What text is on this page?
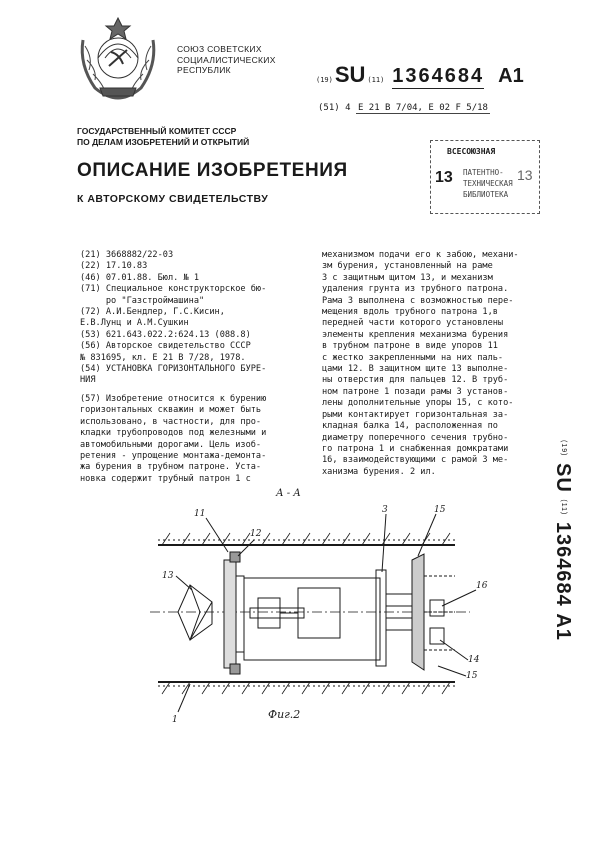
СОЮЗ СОВЕТСКИХ
СОЦИАЛИСТИЧЕСКИХ
РЕСПУБЛИК
(19) SU (11) 1364684 A1
(51) 4 E 21 B 7/04, E 02 F 5/18
ГОСУДАРСТВЕННЫЙ КОМИТЕТ СССР
ПО ДЕЛАМ ИЗОБРЕТЕНИЙ И ОТКРЫТИЙ
ОПИСАНИЕ ИЗОБРЕТЕНИЯ
К АВТОРСКОМУ СВИДЕТЕЛЬСТВУ
ВСЕСОЮЗНАЯ
13 ПАТЕНТНО-
ТЕХНИЧЕСКАЯ
БИБЛИОТЕКА
13
(21) 3668882/22-03
(22) 17.10.83
(46) 07.01.88. Бюл. № 1
(71) Специальное конструкторское бю-
ро "Газстроймашина"
(72) А.И.Бендлер, Г.С.Кисин,
Е.В.Лунц и А.М.Сушкин
(53) 621.643.022.2:624.13 (088.8)
(56) Авторское свидетельство СССР
№ 831695, кл. E 21 B 7/28, 1978.
(54) УСТАНОВКА ГОРИЗОНТАЛЬНОГО БУРЕ-
НИЯ
(57) Изобретение относится к бурению
горизонтальных скважин и может быть
использовано, в частности, для про-
кладки трубопроводов под железными и
автомобильными дорогами. Цель изоб-
ретения - упрощение монтажа-демонта-
жа бурения в трубном патроне. Уста-
новка содержит трубный патрон 1 с
механизмом подачи его к забою, механи-
зм бурения, установленный на раме
3 с защитным щитом 13, и механизм
удаления грунта из трубного патрона.
Рама 3 выполнена с возможностью пере-
мещения вдоль трубного патрона 1,в
передней части которого установлены
элементы крепления механизма бурения
в трубном патроне в виде упоров 11
с жестко закрепленными на них паль-
цами 12. В защитном щите 13 выполне-
ны отверстия для пальцев 12. В труб-
ном патроне 1 позади рамы 3 установ-
лены дополнительные упоры 15, с кото-
рыми контактирует горизонтальная за-
кладная балка 14, расположенная по
диаметру поперечного сечения трубно-
го патрона 1 и снабженная домкратами
16, взаимодействующими с рамой 3 ме-
ханизма бурения. 2 ил.
(19) SU (11) 1364684 A1
А - А
11
12
3	15
13
16
14
15
1	Фиг.2
